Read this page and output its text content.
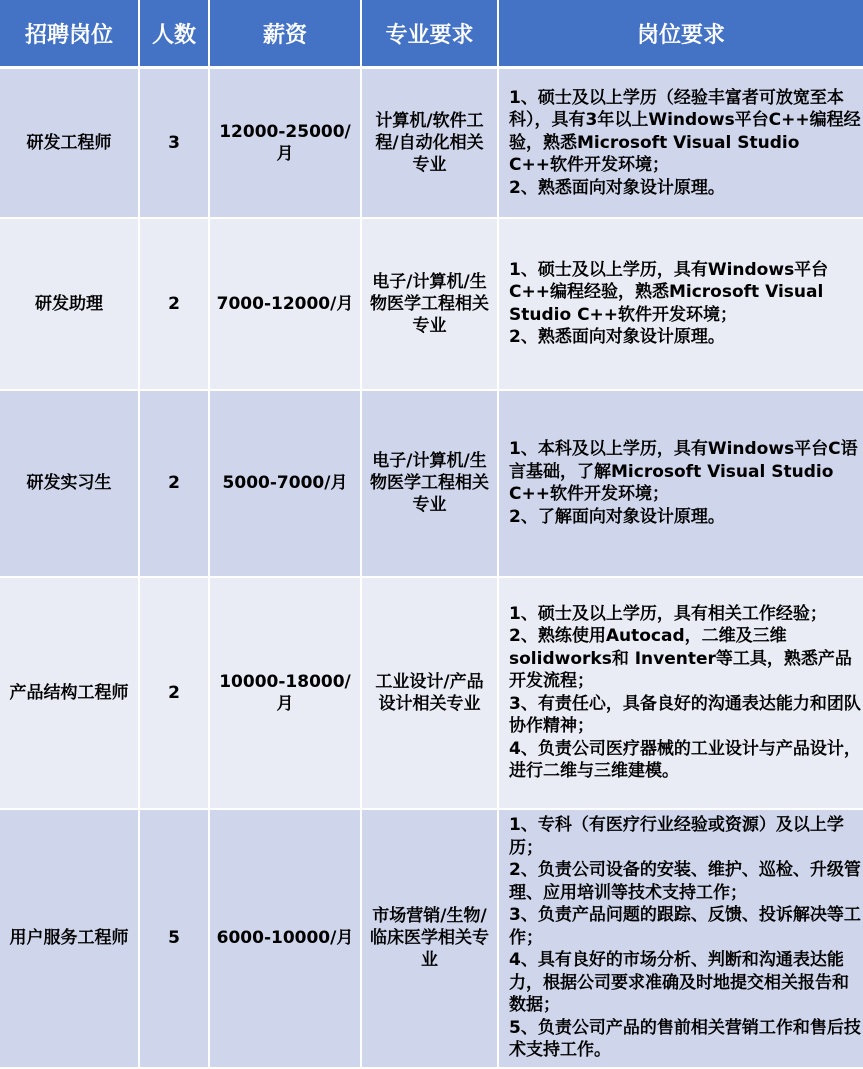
招聘岗位	人数	薪资	专业要求	岗位要求
研发工程师	3	12000-25000/月	计算机/软件工程/自动化相关专业	1、硕士及以上学历（经验丰富者可放宽至本科），具有3年以上Windows平台C++编程经验，熟悉Microsoft Visual Studio C++软件开发环境；
2、熟悉面向对象设计原理。
研发助理	2	7000-12000/月	电子/计算机/生物医学工程相关专业	1、硕士及以上学历，具有Windows平台C++编程经验，熟悉Microsoft Visual Studio C++软件开发环境；
2、熟悉面向对象设计原理。
研发实习生	2	5000-7000/月	电子/计算机/生物医学工程相关专业	1、本科及以上学历，具有Windows平台C语言基础，了解Microsoft Visual Studio C++软件开发环境；
2、了解面向对象设计原理。
产品结构工程师	2	10000-18000/月	工业设计/产品设计相关专业	1、硕士及以上学历，具有相关工作经验；
2、熟练使用Autocad，二维及三维solidworks和 Inventer等工具，熟悉产品开发流程；
3、有责任心，具备良好的沟通表达能力和团队协作精神；
4、负责公司医疗器械的工业设计与产品设计，进行二维与三维建模。
用户服务工程师	5	6000-10000/月	市场营销/生物/临床医学相关专业	1、专科（有医疗行业经验或资源）及以上学历；
2、负责公司设备的安装、维护、巡检、升级管理、应用培训等技术支持工作；
3、负责产品问题的跟踪、反馈、投诉解决等工作；
4、具有良好的市场分析、判断和沟通表达能力，根据公司要求准确及时地提交相关报告和数据；
5、负责公司产品的售前相关营销工作和售后技术支持工作。
